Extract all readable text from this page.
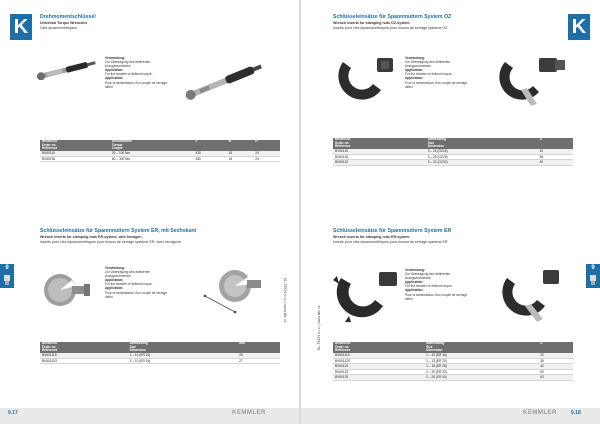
K	Drehmomentschlüssel
Universal Torque Wrenches
Clés dynamométriques
Verwendung:
Zur Übertragung des definierten Anzugsmomentes.
Application:
For the transfer of defined torque.
Application:
Pour la transmission d'un couple de serrage défini.
Bestell-Nr.
Order no.
Référence	Drehmoment
Torque
Couple	L	B	H
BV60110	20 – 100 Nm	430	18	24
BV60130	60 – 300 Nm	530	18	24
Schlüsseleinsätze für Spannmuttern System ER, mit Sechskant
Wrench inserts for clamping nuts ER-system, with hexagon
Inserts pour clés dynamométriques pour écrous de serrage système ER, avec hexagone
Verwendung:
Zur Übertragung des definierten Anzugsmomentes.
Application:
For the transfer of defined torque.
Application:
Pour la transmission d'un couple de serrage défini.
Bestell-Nr.
Order no.
Référence	Abmessung
Size
Dimension	mm
BV60111S	1 – 10 (ER 16)	25
BV60111G	1 – 10 (ER 16)	27
9
KL-TECH s.r.o. | www.kltc.cz
9.17	KEMMLER
K
Schlüsseleinsätze für Spannmuttern System OZ
Wrench inserts for clamping nuts OZ-system
Inserts pour clés dynamométriques pour écrous de serrage système OZ
Verwendung:
Zur Übertragung des definierten Anzugsmomentes.
Application:
For the transfer of defined torque.
Application:
Pour la transmission d'un couple de serrage défini.
Bestell-Nr.
Order no.
Référence	Abmessung
Size
Dimension	D
BV60115	3 – 16 (OZ16)	40
BV60125	3 – 25 (OZ25)	56
BV60132	3 – 32 (OZ32)	49
Schlüsseleinsätze für Spannmuttern System ER
Wrench inserts for clamping nuts ER-system
Inserts pour clés dynamométriques pour écrous de serrage système ER
Verwendung:
Zur Übertragung des definierten Anzugsmomentes.
Application:
For the transfer of defined torque.
Application:
Pour la transmission d'un couple de serrage défini.
Bestell-Nr.
Order no.
Référence	Abmessung
Size
Dimension	D
BV60111D	1 – 10 (ER 16)	32
BV60112S	1 – 13 (ER 20)	35
BV60115	1 – 16 (ER 25)	42
BV60120	2 – 20 (ER 32)	50
BV60125	2 – 26 (ER 40)	63
9
KL-TECH s.r.o. | www.kltc.cz
KEMMLER	9.18
